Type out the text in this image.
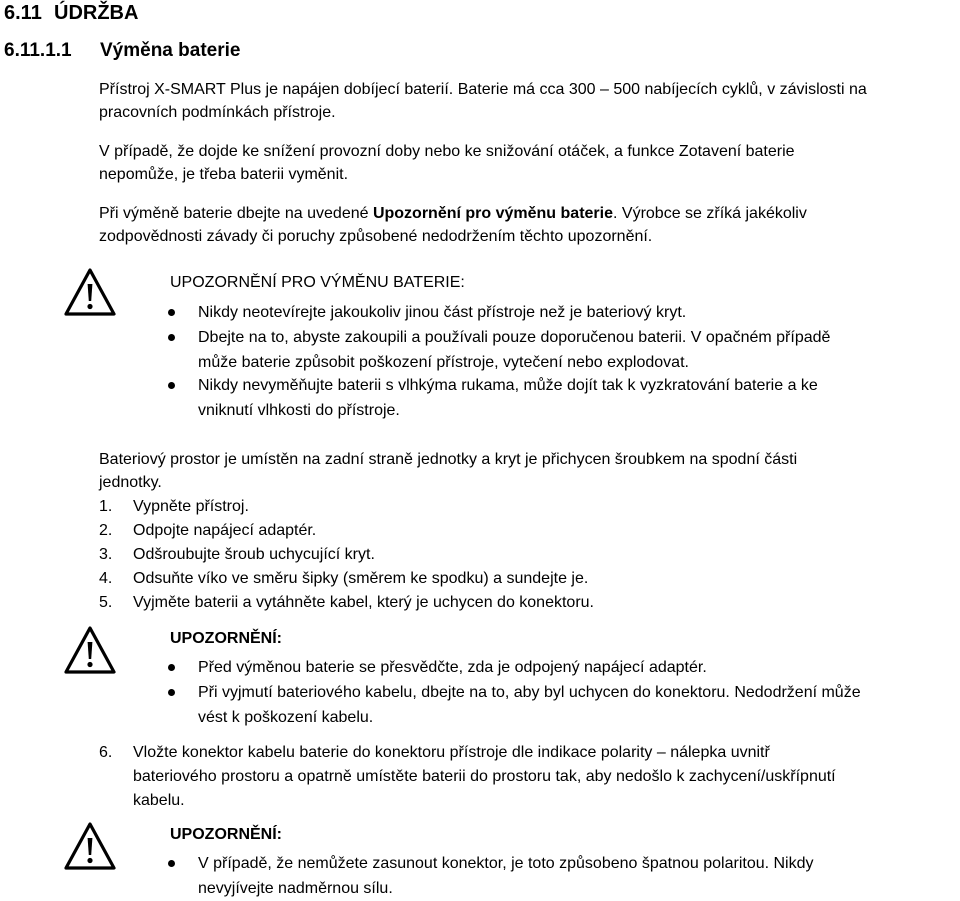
6.11 ÚDRŽBA
6.11.1.1 Výměna baterie
Přístroj X-SMART Plus je napájen dobíjecí baterií. Baterie má cca 300 – 500 nabíjecích cyklů, v závislosti na
pracovních podmínkách přístroje.
V případě, že dojde ke snížení provozní doby nebo ke snižování otáček, a funkce Zotavení baterie
nepomůže, je třeba baterii vyměnit.
Při výměně baterie dbejte na uvedené Upozornění pro výměnu baterie. Výrobce se zříká jakékoliv
zodpovědnosti závady či poruchy způsobené nedodržením těchto upozornění.
UPOZORNĚNÍ PRO VÝMĚNU BATERIE:
Nikdy neotevírejte jakoukoliv jinou část přístroje než je bateriový kryt.
Dbejte na to, abyste zakoupili a používali pouze doporučenou baterii. V opačném případě
může baterie způsobit poškození přístroje, vytečení nebo explodovat.
Nikdy nevyměňujte baterii s vlhkýma rukama, může dojít tak k vyzkratování baterie a ke
vniknutí vlhkosti do přístroje.
Bateriový prostor je umístěn na zadní straně jednotky a kryt je přichycen šroubkem na spodní části
jednotky.
1. Vypněte přístroj.
2. Odpojte napájecí adaptér.
3. Odšroubujte šroub uchycující kryt.
4. Odsuňte víko ve směru šipky (směrem ke spodku) a sundejte je.
5. Vyjměte baterii a vytáhněte kabel, který je uchycen do konektoru.
UPOZORNĚNÍ:
Před výměnou baterie se přesvědčte, zda je odpojený napájecí adaptér.
Při vyjmutí bateriového kabelu, dbejte na to, aby byl uchycen do konektoru. Nedodržení může
vést k poškození kabelu.
6. Vložte konektor kabelu baterie do konektoru přístroje dle indikace polarity – nálepka uvnitř
bateriového prostoru a opatrně umístěte baterii do prostoru tak, aby nedošlo k zachycení/uskřípnutí
kabelu.
UPOZORNĚNÍ:
V případě, že nemůžete zasunout konektor, je toto způsobeno špatnou polaritou. Nikdy
nevyjívejte nadměrnou sílu.
